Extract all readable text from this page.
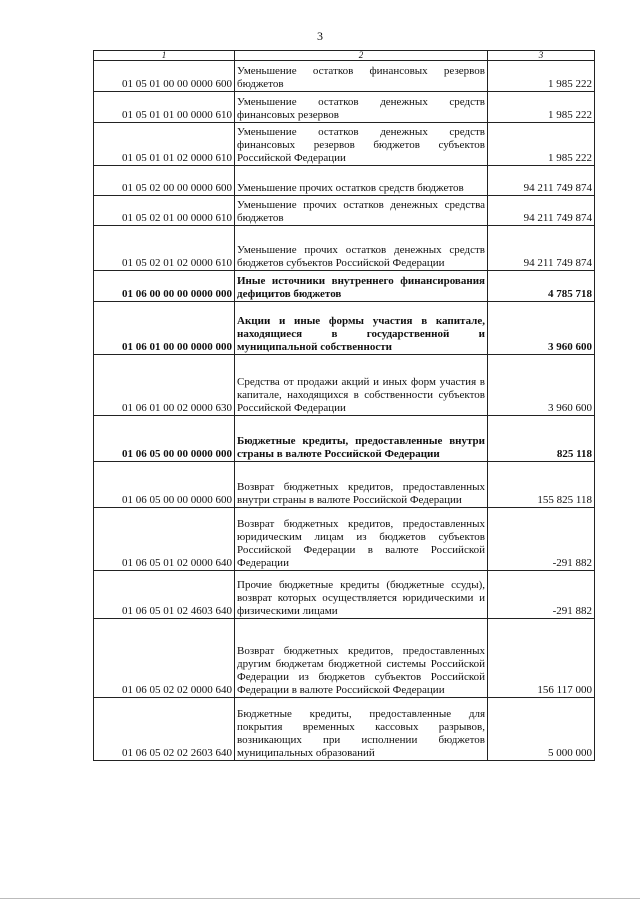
3
1	2	3
01 05 01 00 00 0000 600	Уменьшение остатков финансовых резервов бюджетов	1 985 222
01 05 01 01 00 0000 610	Уменьшение остатков денежных средств финансовых резервов	1 985 222
01 05 01 01 02 0000 610	Уменьшение остатков денежных средств финансовых резервов бюджетов субъектов Российской Федерации	1 985 222
01 05 02 00 00 0000 600	Уменьшение прочих остатков средств бюджетов	94 211 749 874
01 05 02 01 00 0000 610	Уменьшение прочих остатков денежных средства бюджетов	94 211 749 874
01 05 02 01 02 0000 610	Уменьшение прочих остатков денежных средств бюджетов субъектов Российской Федерации	94 211 749 874
01 06 00 00 00 0000 000	Иные источники внутреннего финансирования дефицитов бюджетов	4 785 718
01 06 01 00 00 0000 000	Акции и иные формы участия в капитале, находящиеся в государственной и муниципальной собственности	3 960 600
01 06 01 00 02 0000 630	Средства от продажи акций и иных форм участия в капитале, находящихся в собственности субъектов Российской Федерации	3 960 600
01 06 05 00 00 0000 000	Бюджетные кредиты, предоставленные внутри страны в валюте Российской Федерации	825 118
01 06 05 00 00 0000 600	Возврат бюджетных кредитов, предоставленных внутри страны в валюте Российской Федерации	155 825 118
01 06 05 01 02 0000 640	Возврат бюджетных кредитов, предоставленных юридическим лицам из бюджетов субъектов Российской Федерации в валюте Российской Федерации	-291 882
01 06 05 01 02 4603 640	Прочие бюджетные кредиты (бюджетные ссуды), возврат которых осуществляется юридическими и физическими лицами	-291 882
01 06 05 02 02 0000 640	Возврат бюджетных кредитов, предоставленных другим бюджетам бюджетной системы Российской Федерации из бюджетов субъектов Российской Федерации в валюте Российской Федерации	156 117 000
01 06 05 02 02 2603 640	Бюджетные кредиты, предоставленные для покрытия временных кассовых разрывов, возникающих при исполнении бюджетов муниципальных образований	5 000 000
